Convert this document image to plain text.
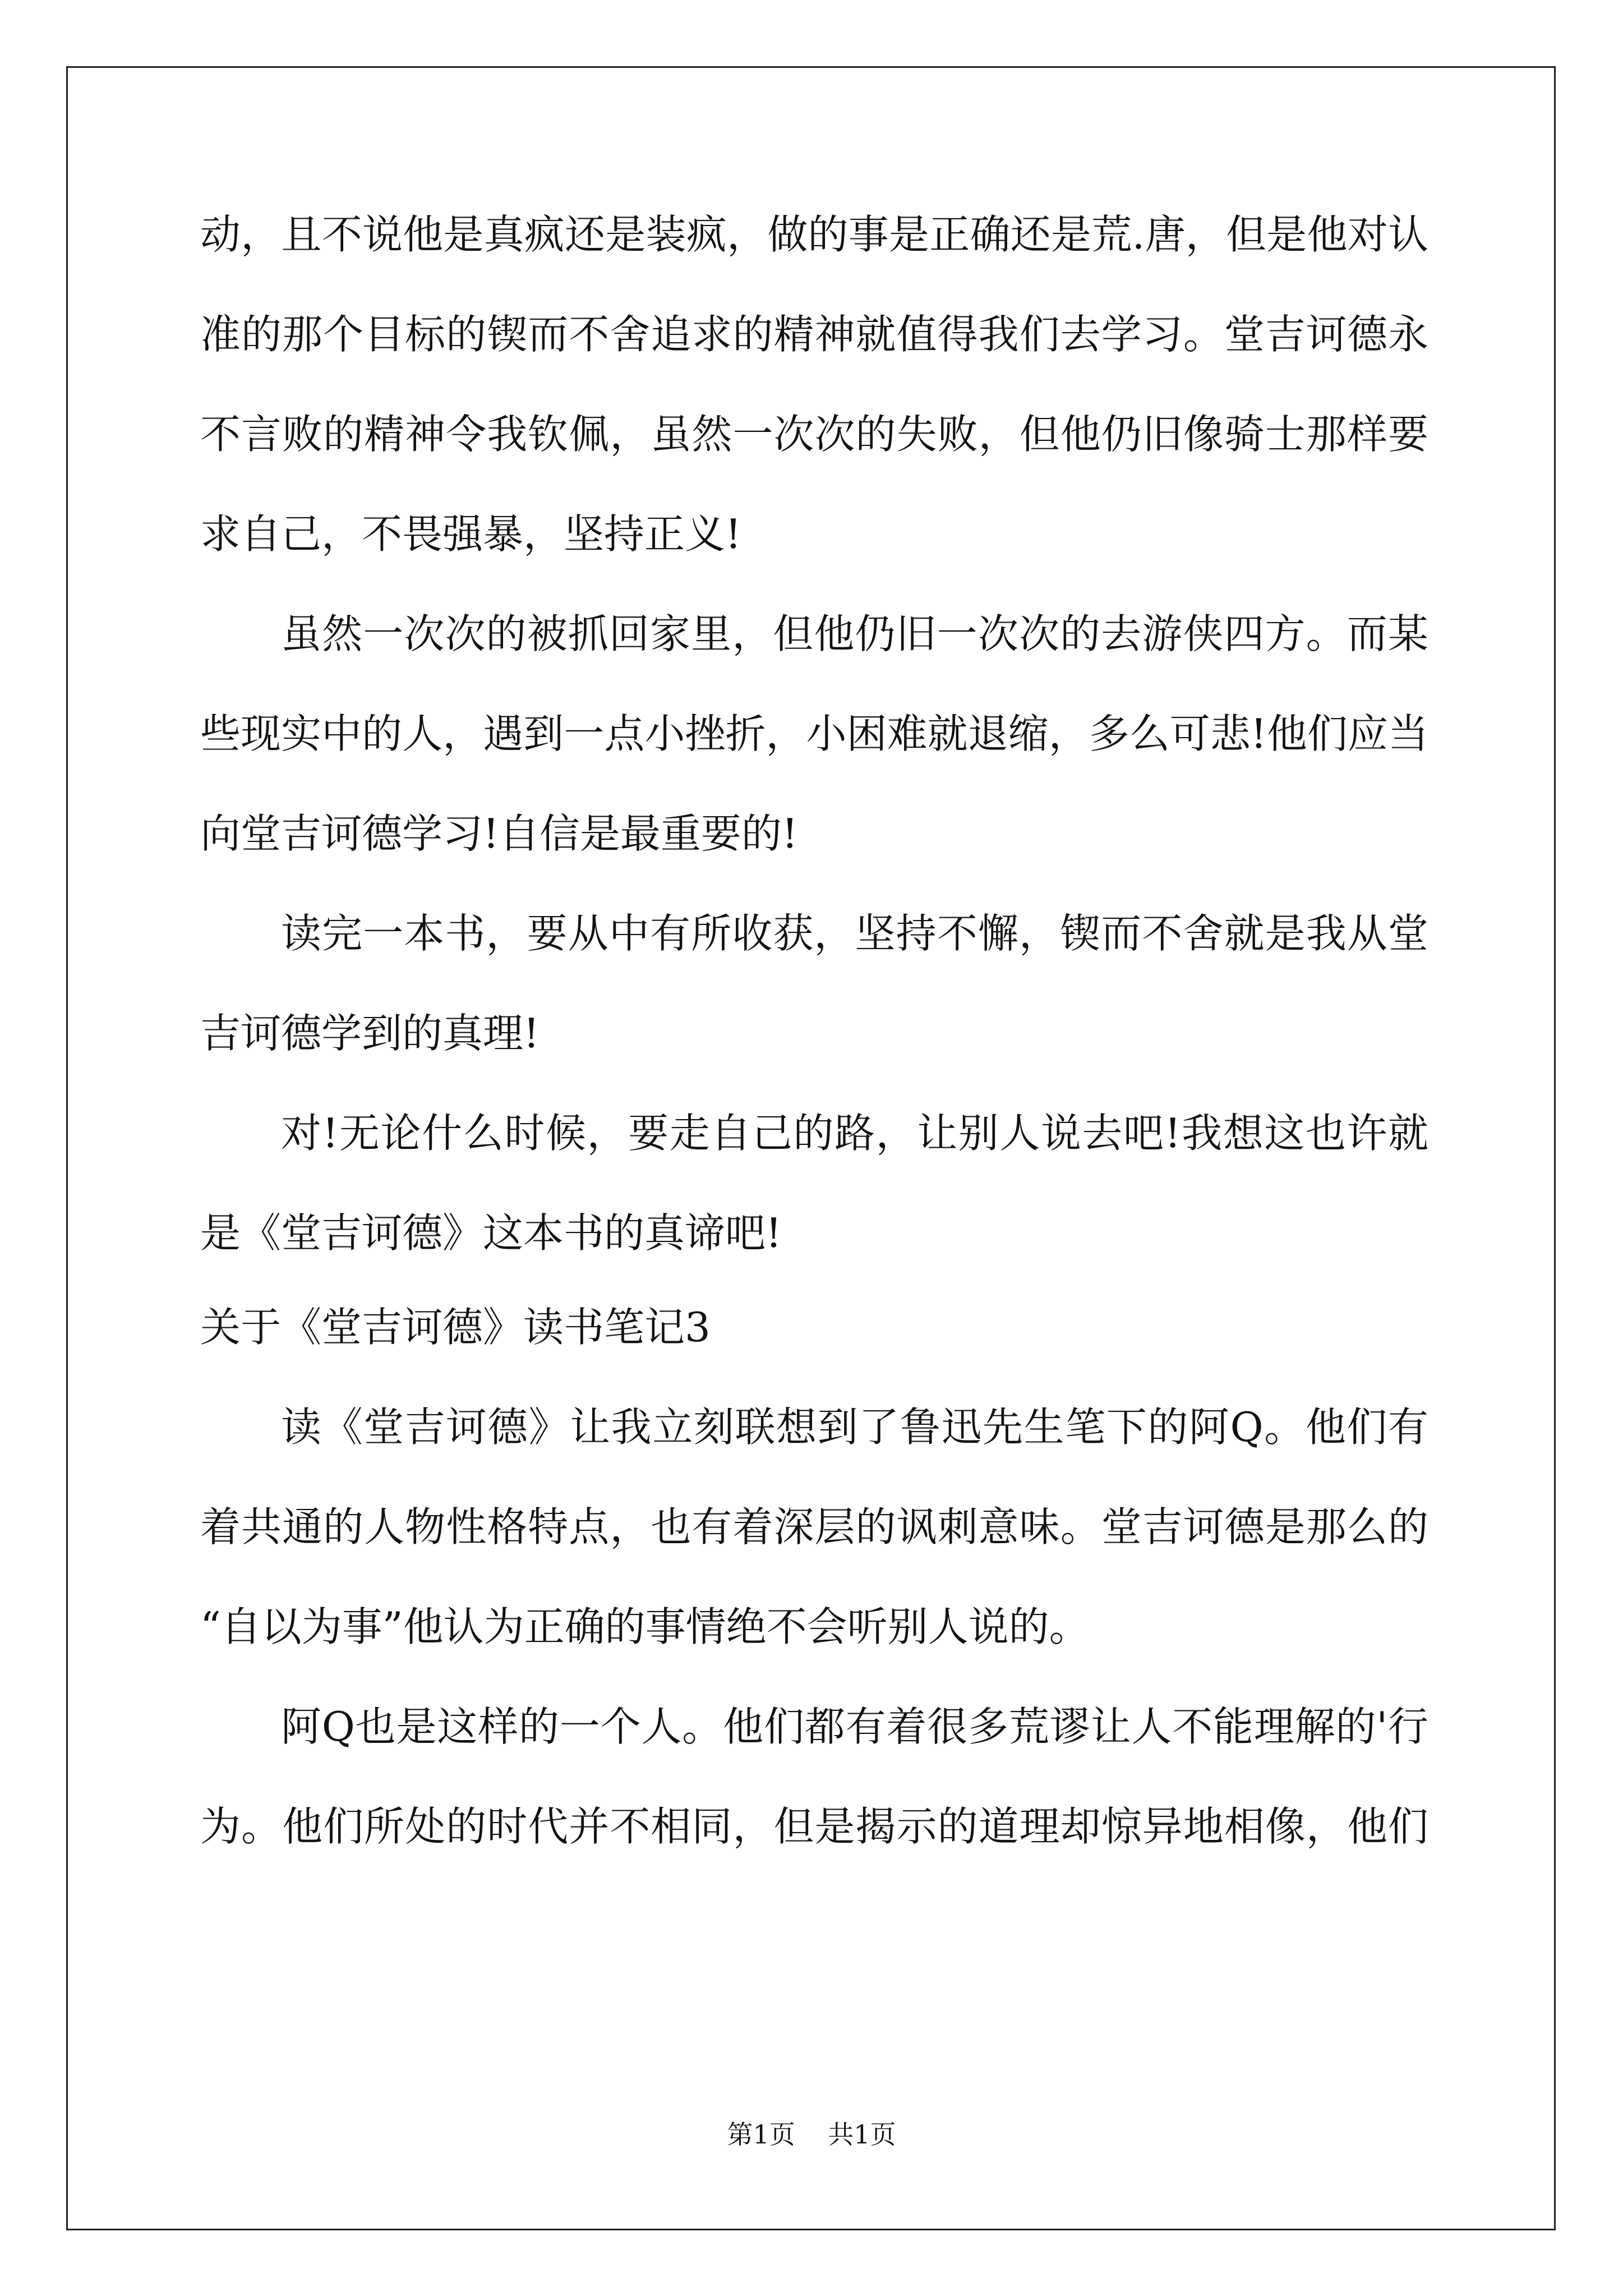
动，且不说他是真疯还是装疯，做的事是正确还是荒.唐，但是他对认
准的那个目标的锲而不舍追求的精神就值得我们去学习。堂吉诃德永
不言败的精神令我钦佩，虽然一次次的失败，但他仍旧像骑士那样要
求自己，不畏强暴，坚持正义!
虽然一次次的被抓回家里，但他仍旧一次次的去游侠四方。而某
些现实中的人，遇到一点小挫折，小困难就退缩，多么可悲!他们应当
向堂吉诃德学习!自信是最重要的!
读完一本书，要从中有所收获，坚持不懈，锲而不舍就是我从堂
吉诃德学到的真理!
对!无论什么时候，要走自己的路，让别人说去吧!我想这也许就
是《堂吉诃德》这本书的真谛吧!
关于《堂吉诃德》读书笔记3
读《堂吉诃德》让我立刻联想到了鲁迅先生笔下的阿Q。他们有
着共通的人物性格特点，也有着深层的讽刺意味。堂吉诃德是那么的
“自以为事”他认为正确的事情绝不会听别人说的。
阿Q也是这样的一个人。他们都有着很多荒谬让人不能理解的'行
为。他们所处的时代并不相同，但是揭示的道理却惊异地相像，他们
第1页 共1页
